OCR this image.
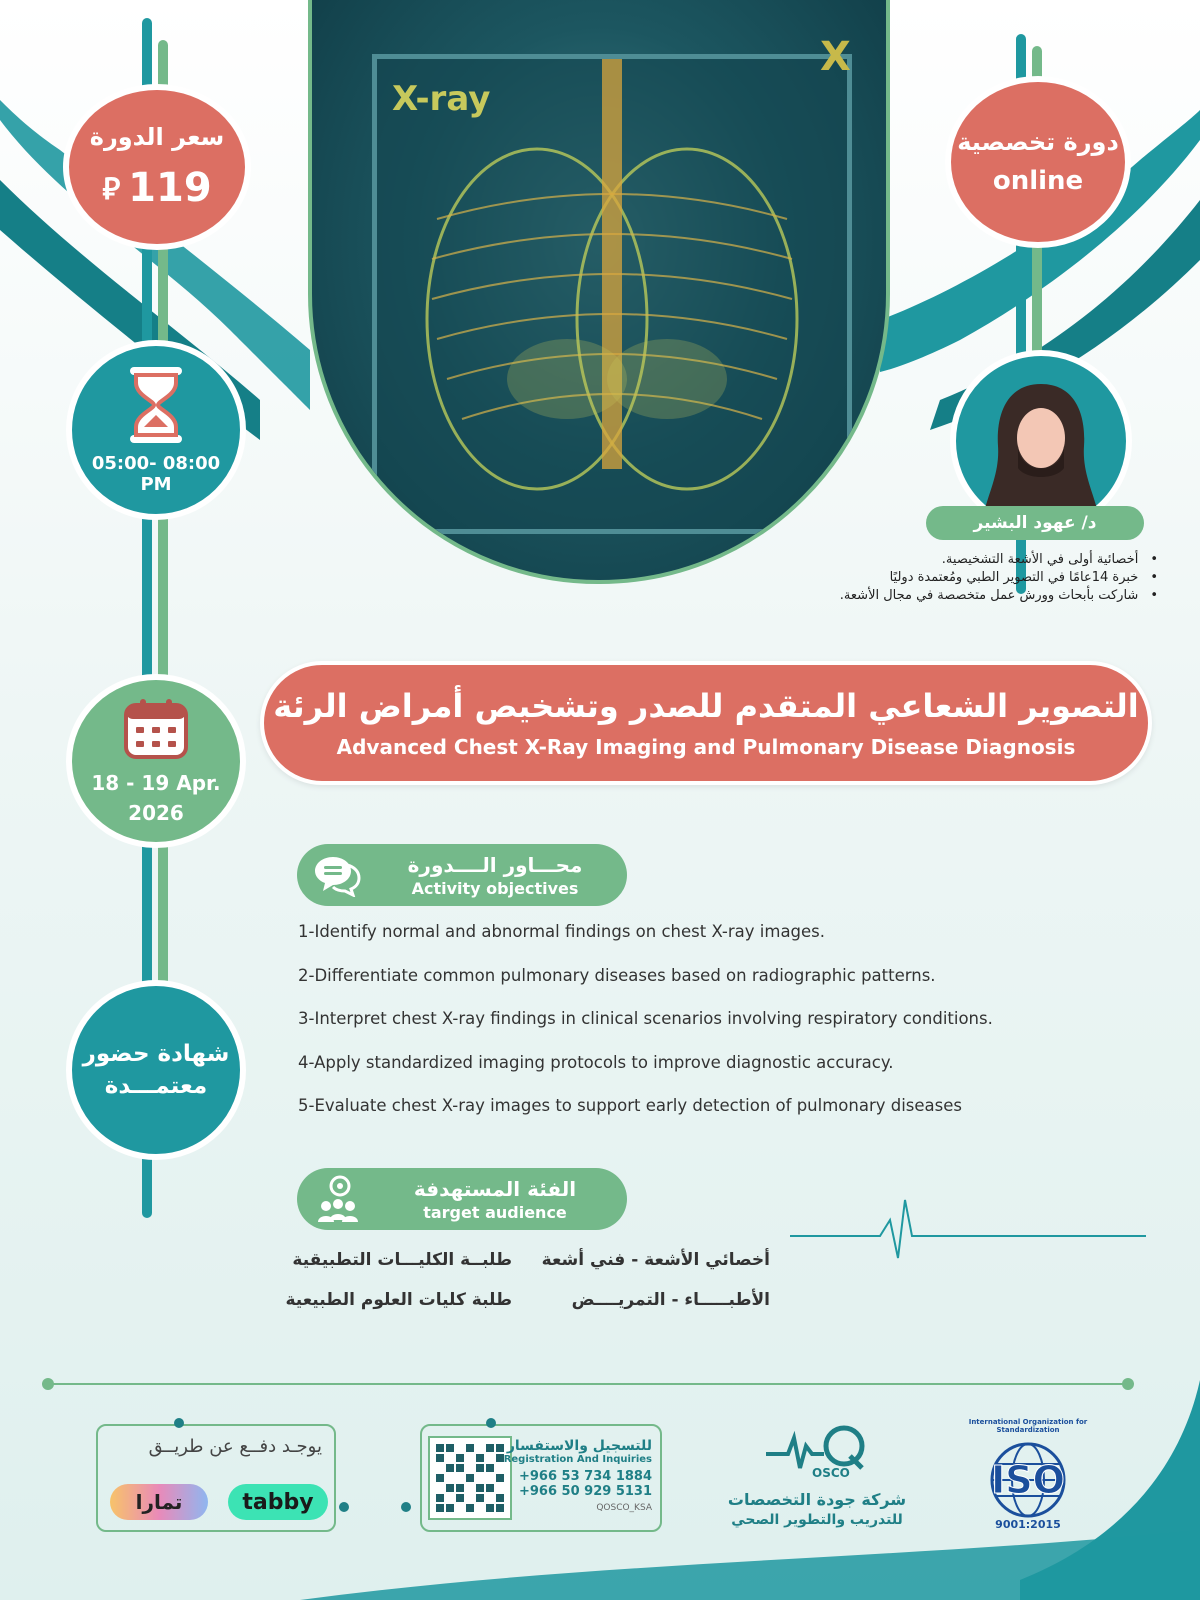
X-ray
X
سعر الدورة
⃁ 119
دورة تخصصية
online
05:00- 08:00
PM
18 - 19 Apr.
2026
شهادة حضور
معتمـــدة
د/ عهود البشير
• أخصائية أولى في الأشعة التشخيصية.
• خبرة 14عامًا في التصوير الطبي ومُعتمدة دوليًا
• شاركت بأبحاث وورش عمل متخصصة في مجال الأشعة.
التصوير الشعاعي المتقدم للصدر وتشخيص أمراض الرئة
Advanced Chest X-Ray Imaging and Pulmonary Disease Diagnosis
محـــاور الــــدورة
Activity objectives
1-Identify normal and abnormal findings on chest X-ray images.
2-Differentiate common pulmonary diseases based on radiographic patterns.
3-Interpret chest X-ray findings in clinical scenarios involving respiratory conditions.
4-Apply standardized imaging protocols to improve diagnostic accuracy.
5-Evaluate chest X-ray images to support early detection of pulmonary diseases
الفئة المستهدفة
target audience
أخصائي الأشعة - فني أشعة
الأطبـــــاء - التمريــــض
طلبــة الكليـــات التطبيقية
طلبة كليات العلوم الطبيعية
يوجـد دفــع عن طريــق
تمارا	tabby
للتسجيل والاستفسار
Registration And Inquiries
+966 53 734 1884
+966 50 929 5131
QOSCO_KSA
OSCO
شركة جودة التخصصات
للتدريب والتطوير الصحي
International Organization for Standardization
ISO
9001:2015
